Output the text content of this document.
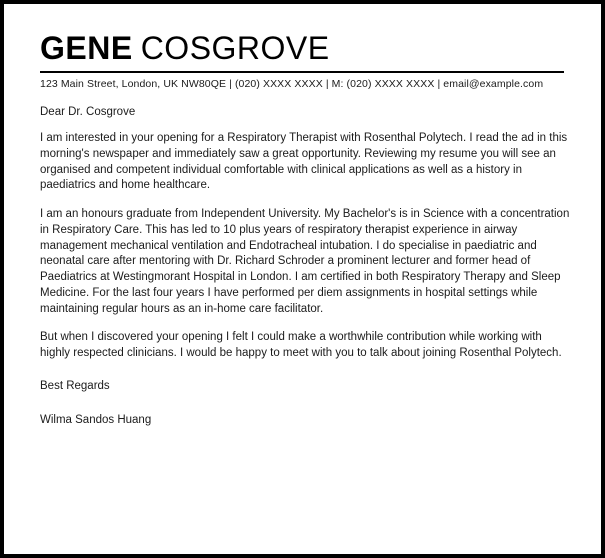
GENE COSGROVE
123 Main Street, London, UK NW80QE | (020) XXXX XXXX | M: (020) XXXX XXXX | email@example.com
Dear Dr. Cosgrove

I am interested in your opening for a Respiratory Therapist with Rosenthal Polytech. I read the ad in this morning's newspaper and immediately saw a great opportunity. Reviewing my resume you will see an organised and competent individual comfortable with clinical applications as well as a history in paediatrics and home healthcare.

I am an honours graduate from Independent University. My Bachelor's is in Science with a concentration in Respiratory Care. This has led to 10 plus years of respiratory therapist experience in airway management mechanical ventilation and Endotracheal intubation. I do specialise in paediatric and neonatal care after mentoring with Dr. Richard Schroder a prominent lecturer and former head of Paediatrics at Westingmorant Hospital in London. I am certified in both Respiratory Therapy and Sleep Medicine. For the last four years I have performed per diem assignments in hospital settings while maintaining regular hours as an in-home care facilitator.

But when I discovered your opening I felt I could make a worthwhile contribution while working with highly respected clinicians. I would be happy to meet with you to talk about joining Rosenthal Polytech.

Best Regards
Wilma Sandos Huang
